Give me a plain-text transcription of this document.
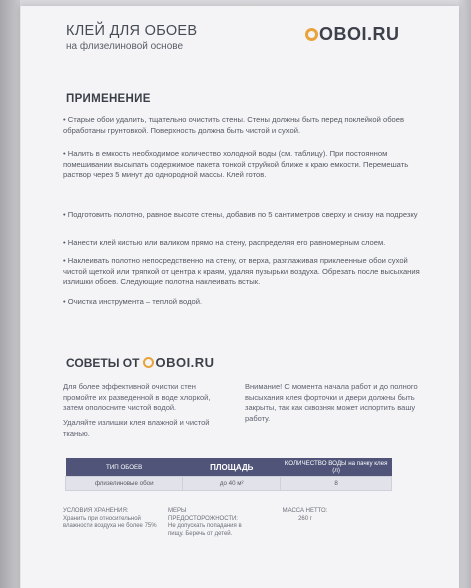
КЛЕЙ ДЛЯ ОБОЕВ
на флизелиновой основе
OBOI.RU
ПРИМЕНЕНИЕ
• Старые обои удалить, тщательно очистить стены. Стены должны быть перед поклейкой обоев обработаны грунтовкой. Поверхность должна быть чистой и сухой.
• Налить в емкость необходимое количество холодной воды (см. таблицу). При постоянном помешивании высыпать содержимое пакета тонкой струйкой ближе к краю емкости. Перемешать раствор через 5 минут до однородной массы. Клей готов.
• Подготовить полотно, равное высоте стены, добавив по 5 сантиметров сверху и снизу на подрезку
• Нанести клей кистью или валиком прямо на стену, распределяя его равномерным слоем.
• Наклеивать полотно непосредственно на стену, от верха, разглаживая приклеенные обои сухой чистой щеткой или тряпкой от центра к краям, удаляя пузырьки воздуха. Обрезать после высыхания излишки обоев. Следующие полотна наклеивать встык.
• Очистка инструмента – теплой водой.
СОВЕТЫ ОТ OBOI.RU
Для более эффективной очистки стен промойте их разведенной в воде хлоркой, затем ополосните чистой водой.
Удаляйте излишки клея влажной и чистой тканью.
Внимание! С момента начала работ и до полного высыхания клея форточки и двери должны быть закрыты, так как сквозняк может испортить вашу работу.
ТИП ОБОЕВ	ПЛОЩАДЬ	КОЛИЧЕСТВО ВОДЫ на пачку клея (л)
флизелиновые обои	до 40 м²	8
УСЛОВИЯ ХРАНЕНИЯ:
Хранить при относительной влажности воздуха не более 75%
МЕРЫ ПРЕДОСТОРОЖНОСТИ:
Не допускать попадания в пищу. Беречь от детей.
МАССА НЕТТО:
260 г
